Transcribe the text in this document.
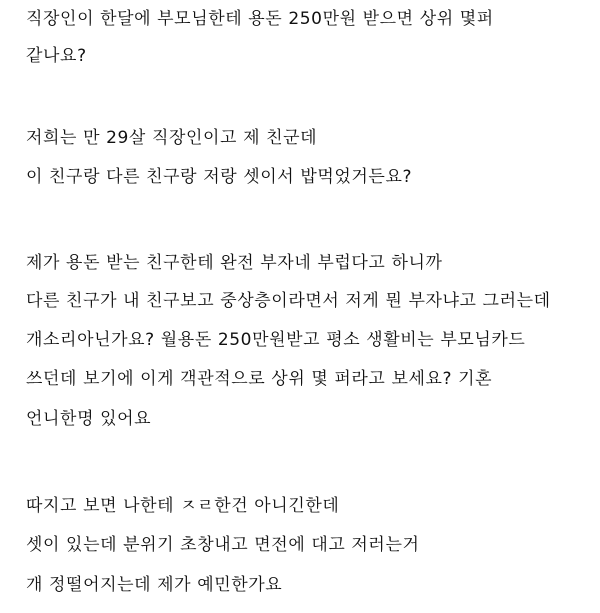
직장인이 한달에 부모님한테 용돈 250만원 받으면 상위 몇퍼
같나요?
저희는 만 29살 직장인이고 제 친군데
이 친구랑 다른 친구랑 저랑 셋이서 밥먹었거든요?
제가 용돈 받는 친구한테 완전 부자네 부럽다고 하니까
다른 친구가 내 친구보고 중상층이라면서 저게 뭔 부자냐고 그러는데
개소리아닌가요? 월용돈 250만원받고 평소 생활비는 부모님카드
쓰던데 보기에 이게 객관적으로 상위 몇 퍼라고 보세요? 기혼
언니한명 있어요
따지고 보면 나한테 ㅈㄹ한건 아니긴한데
셋이 있는데 분위기 초창내고 면전에 대고 저러는거
개 정떨어지는데 제가 예민한가요
